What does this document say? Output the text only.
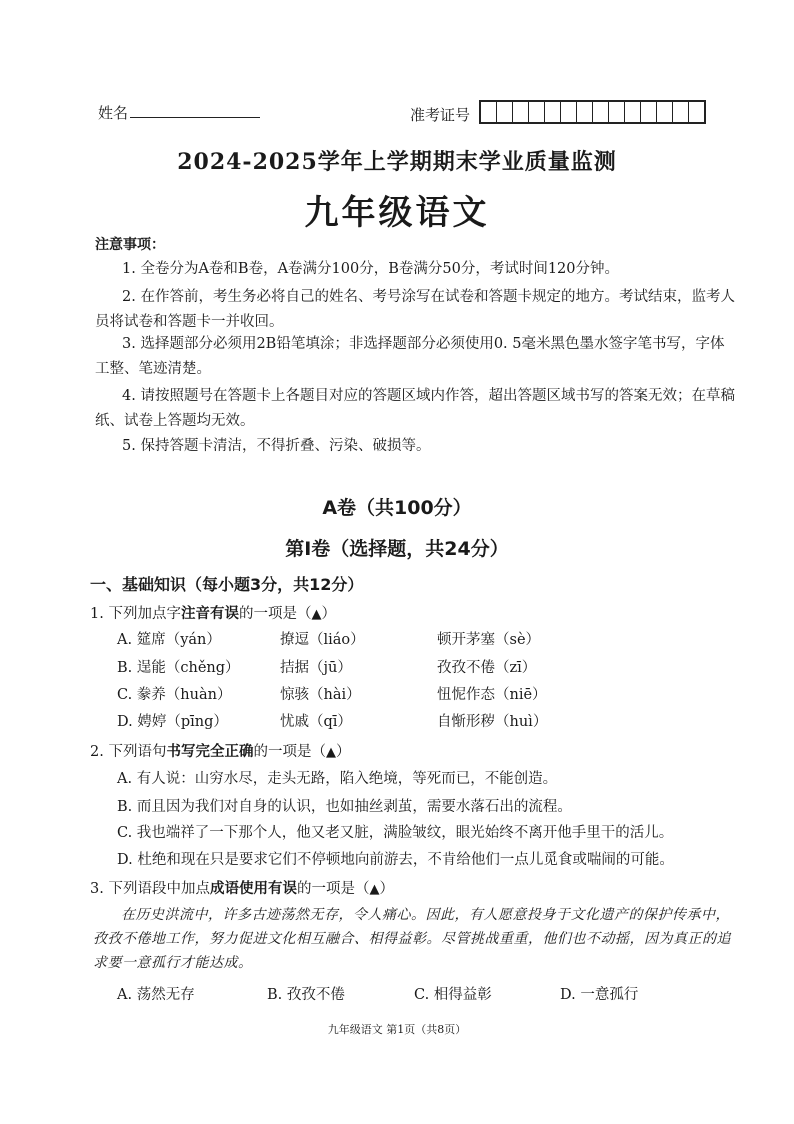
姓名	准考证号
2024-2025学年上学期期末学业质量监测
九年级语文
注意事项：
1. 全卷分为A卷和B卷，A卷满分100分，B卷满分50分，考试时间120分钟。
2. 在作答前，考生务必将自己的姓名、考号涂写在试卷和答题卡规定的地方。考试结束，监考人员将试卷和答题卡一并收回。
3. 选择题部分必须用2B铅笔填涂；非选择题部分必须使用0. 5毫米黑色墨水签字笔书写，字体工整、笔迹清楚。
4. 请按照题号在答题卡上各题目对应的答题区域内作答，超出答题区域书写的答案无效；在草稿纸、试卷上答题均无效。
5. 保持答题卡清洁，不得折叠、污染、破损等。
A卷（共100分）
第Ⅰ卷（选择题，共24分）
一、基础知识（每小题3分，共12分）
1. 下列加点字注音有误的一项是（▲）
A. 筵席（yán）	撩逗（liáo）	顿开茅塞（sè）
B. 逞能（chěng）	拮据（jū）	孜孜不倦（zī）
C. 豢养（huàn）	惊骇（hài）	忸怩作态（niē）
D. 娉婷（pīng）	忧戚（qī）	自惭形秽（huì）
2. 下列语句书写完全正确的一项是（▲）
A. 有人说：山穷水尽，走头无路，陷入绝境，等死而已，不能创造。
B. 而且因为我们对自身的认识，也如抽丝剥茧，需要水落石出的流程。
C. 我也端祥了一下那个人，他又老又脏，满脸皱纹，眼光始终不离开他手里干的活儿。
D. 杜绝和现在只是要求它们不停顿地向前游去，不肯给他们一点儿觅食或喘闹的可能。
3. 下列语段中加点成语使用有误的一项是（▲）
在历史洪流中，许多古迹荡然无存，令人痛心。因此，有人愿意投身于文化遗产的保护传承中，孜孜不倦地工作，努力促进文化相互融合、相得益彰。尽管挑战重重，他们也不动摇，因为真正的追求要一意孤行才能达成。
A. 荡然无存	B. 孜孜不倦	C. 相得益彰	D. 一意孤行
九年级语文 第1页（共8页）
